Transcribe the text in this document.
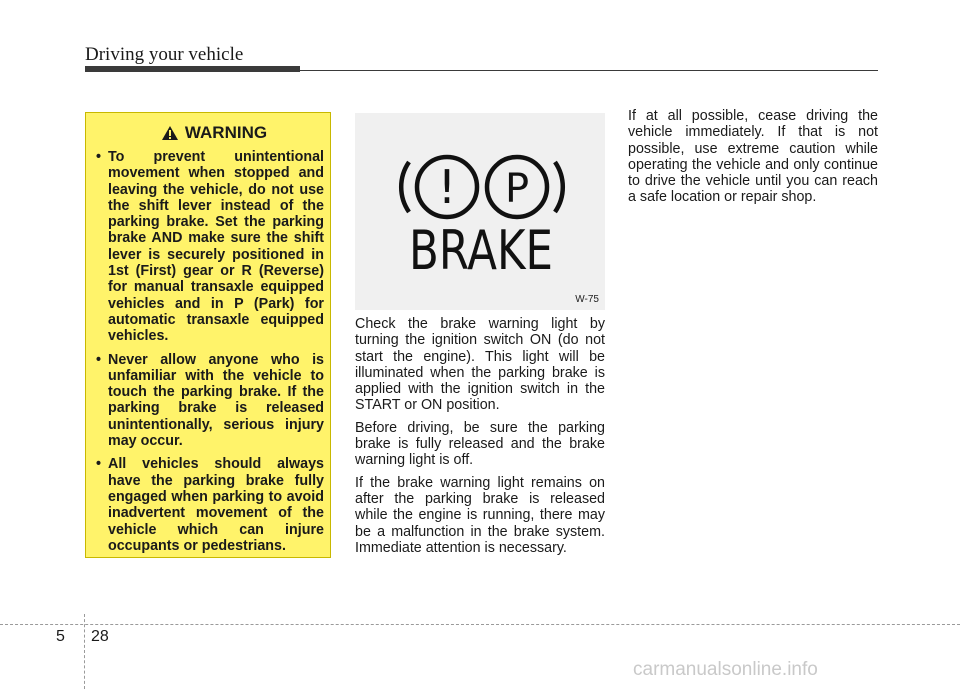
Driving your vehicle
WARNING
• To prevent unintentional movement when stopped and leaving the vehicle, do not use the shift lever instead of the parking brake. Set the parking brake AND make sure the shift lever is securely positioned in 1st (First) gear or R (Reverse) for manual transaxle equipped vehicles and in P (Park) for automatic transaxle equipped vehicles.
• Never allow anyone who is unfamiliar with the vehicle to touch the parking brake. If the parking brake is released unintentionally, serious injury may occur.
• All vehicles should always have the parking brake fully engaged when parking to avoid inadvertent movement of the vehicle which can injure occupants or pedestrians.
! P
BRAKE
W-75

Check the brake warning light by turning the ignition switch ON (do not start the engine). This light will be illuminated when the parking brake is applied with the ignition switch in the START or ON position.

Before driving, be sure the parking brake is fully released and the brake warning light is off.

If the brake warning light remains on after the parking brake is released while the engine is running, there may be a malfunction in the brake system. Immediate attention is necessary.

If at all possible, cease driving the vehicle immediately. If that is not possible, use extreme caution while operating the vehicle and only continue to drive the vehicle until you can reach a safe location or repair shop.

5 28
carmanualsonline.info
